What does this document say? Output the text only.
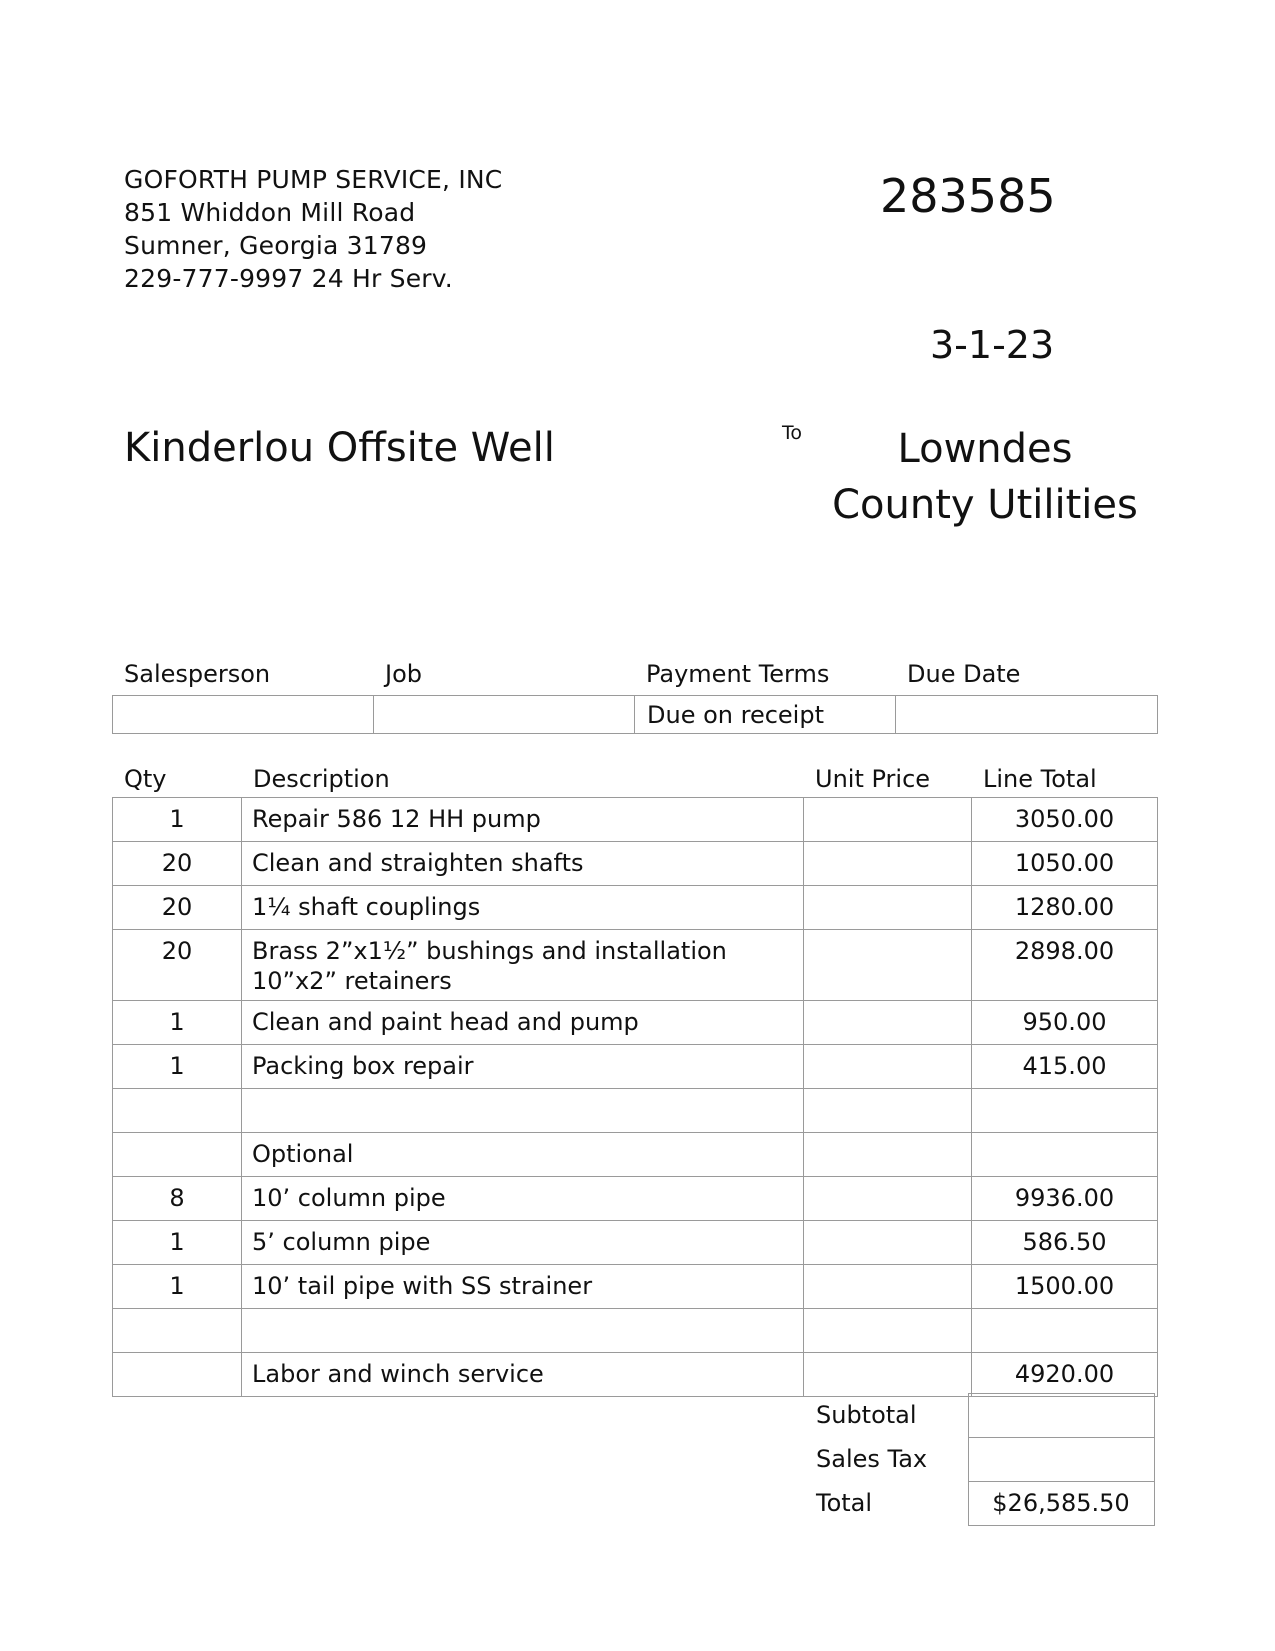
GOFORTH PUMP SERVICE, INC
851 Whiddon Mill Road
Sumner, Georgia 31789
229-777-9997 24 Hr Serv.
283585
3-1-23
Kinderlou Offsite Well	To	Lowndes
County Utilities
Salesperson	Job	Payment Terms	Due Date
		Due on receipt	
Qty	Description	Unit Price Line Total
1	Repair 586 12 HH pump		3050.00
20	Clean and straighten shafts		1050.00
20	1¼ shaft couplings		1280.00
20	Brass 2”x1½” bushings and installation 10”x2” retainers		2898.00
1	Clean and paint head and pump		950.00
1	Packing box repair		415.00

	Optional		
8	10’ column pipe		9936.00
1	5’ column pipe		586.50
1	10’ tail pipe with SS strainer		1500.00

	Labor and winch service		4920.00
Subtotal	
Sales Tax	
Total	$26,585.50
